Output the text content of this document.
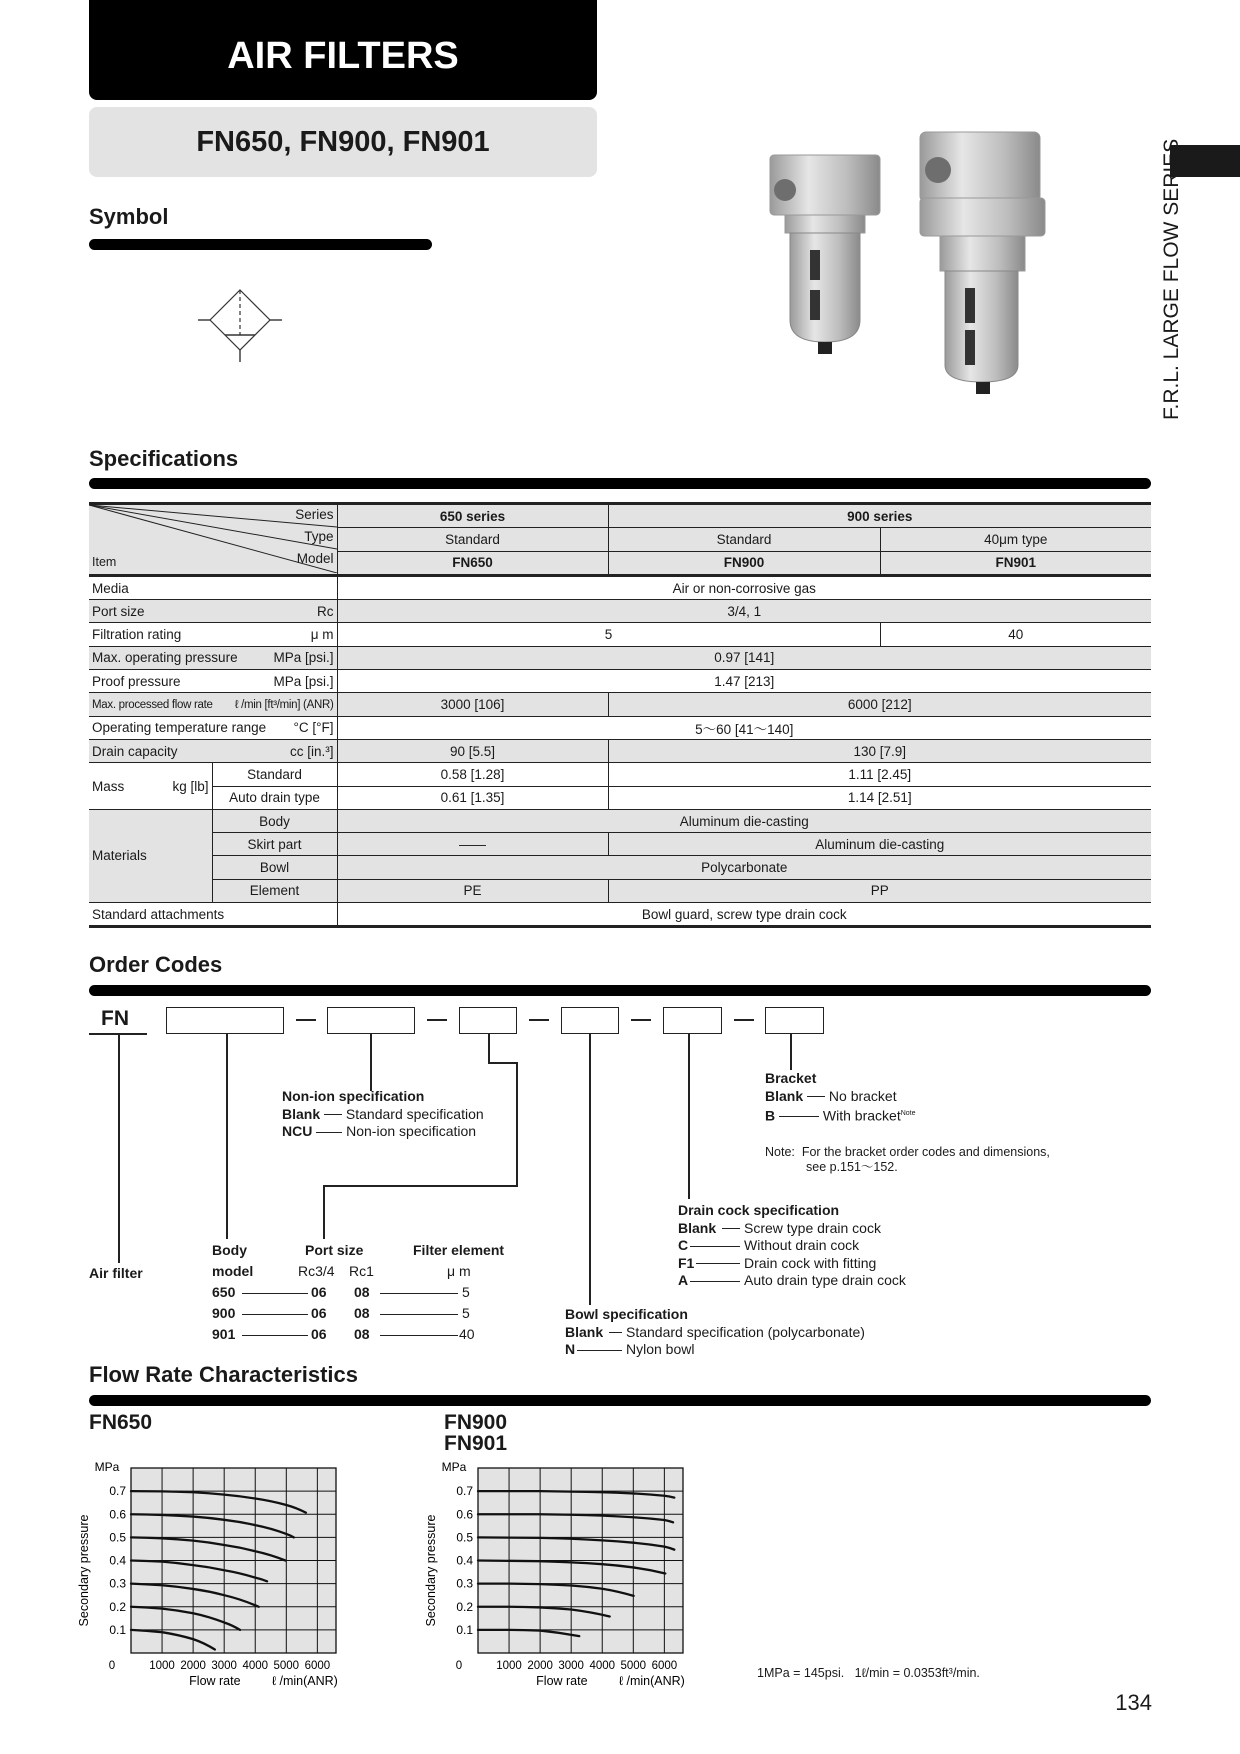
AIR FILTERS
FN650, FN900, FN901	F.R.L. LARGE FLOW SERIES
Symbol
Specifications
Series
Type
Model
Item		650 series	900 series	
		Standard	Standard	40μm type
		FN650	FN900	FN901
Media		Air or non-corrosive gas		
Port size Rc		3/4, 1		
Filtration rating μ m		5		40
Max. operating pressure MPa [psi.]		0.97 [141]		
Proof pressure MPa [psi.]		1.47 [213]		
Max. processed flow rate ℓ /min [ft³/min] (ANR)		3000 [106]	6000 [212]	
Operating temperature range °C [°F]		5～60 [41～140]		
Drain capacity cc [in.³]		90 [5.5]	130 [7.9]	
Mass kg [lb]	Standard	0.58 [1.28]	1.11 [2.45]	
	Auto drain type	0.61 [1.35]	1.14 [2.51]	
Materials	Body	Aluminum die-casting		
	Skirt part	——	Aluminum die-casting	
	Bowl	Polycarbonate		
	Element	PE	PP	
Standard attachments		Bowl guard, screw type drain cock		
Order Codes
FN
Non-ion specification
Blank Standard specification
NCU Non-ion specification
Bracket
Blank No bracket
B	With bracket$^{Note}$
Note: For the bracket order codes and dimensions,
see p.151～152.
Drain cock specification
Blank Screw type drain cock
C	Without drain cock
F1	Drain cock with fitting
A	Auto drain type drain cock
Bowl specification
Blank Standard specification (polycarbonate)
N	Nylon bowl
Air filter
Body	Port size	Filter element
model	Rc3/4 Rc1	μ m
650	06 08	5
900	06 08	5
901	06 08	40
Flow Rate Characteristics
FN650	FN900
FN901
0.1
0.2
0.3
0.4
0.5
0.6
0.7
MPa
0	1000 2000 3000 4000 5000 6000
Flow rate	ℓ /min(ANR)
Secondary pressure
0.1
0.2
0.3
0.4
0.5
0.6
0.7
MPa
0	1000 2000 3000 4000 5000 6000
Flow rate	ℓ /min(ANR)
Secondary pressure
1MPa = 145psi.   1ℓ/min = 0.0353ft³/min.
134
